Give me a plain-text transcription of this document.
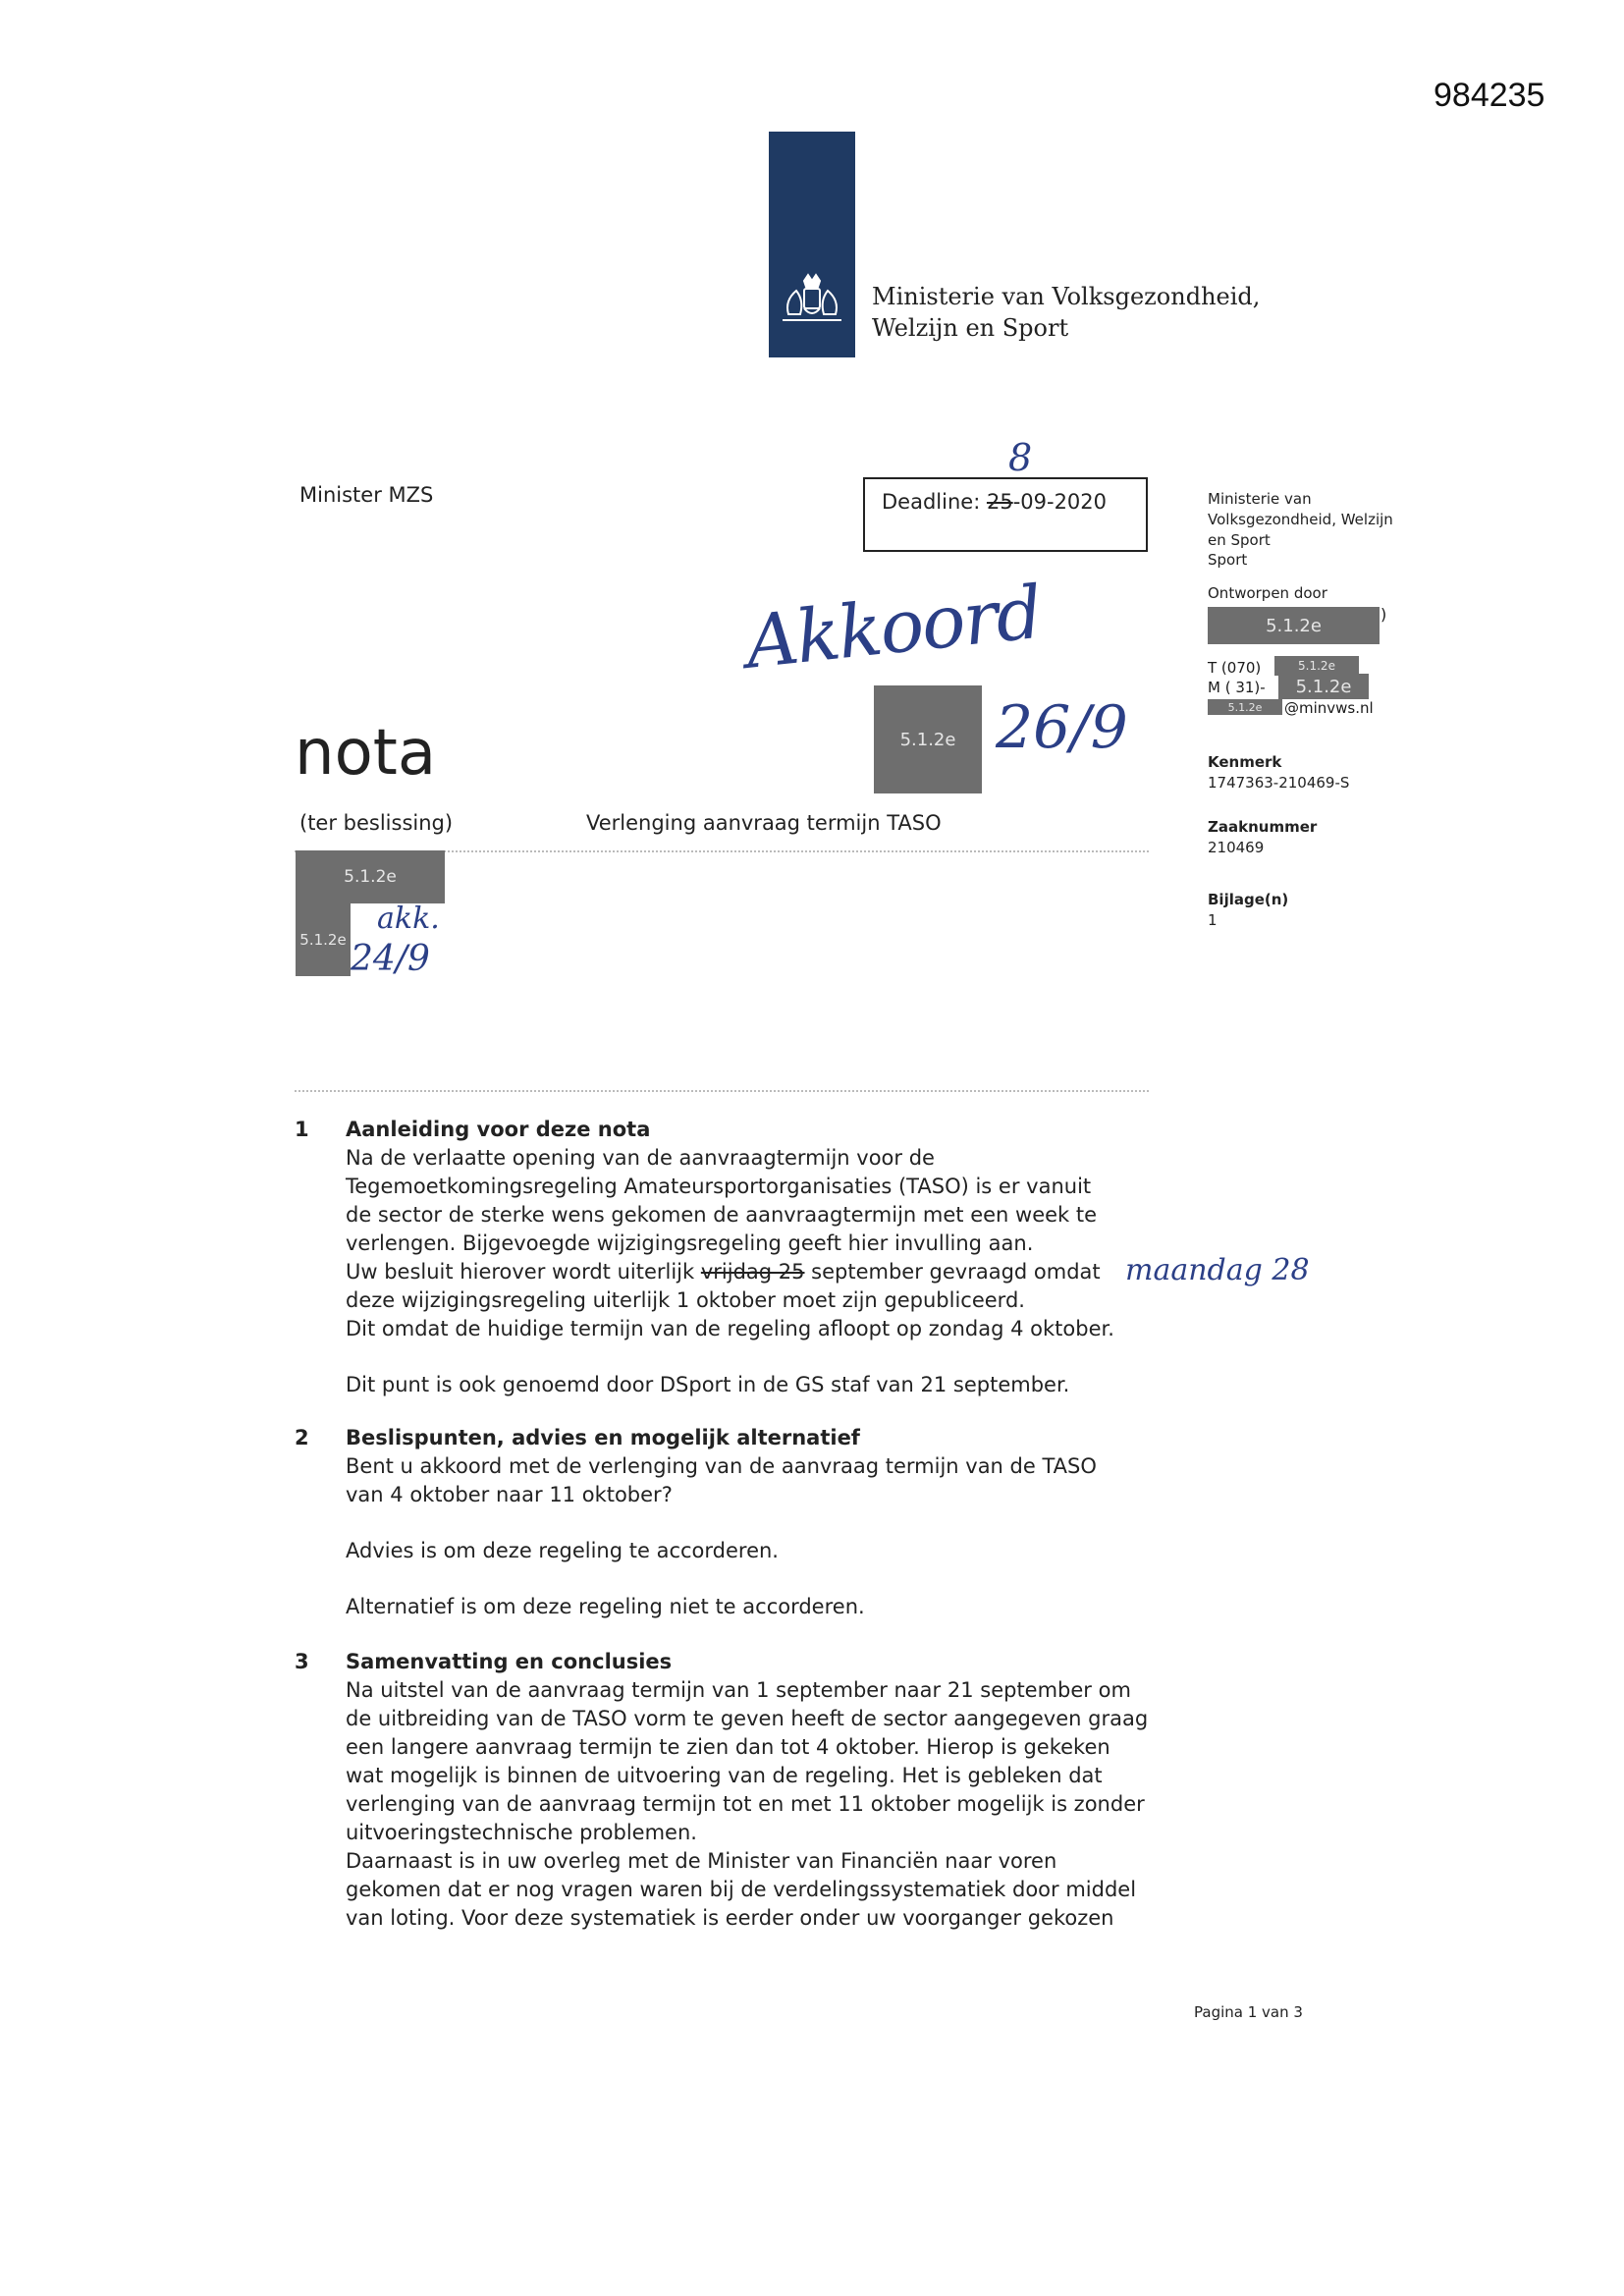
984235
Ministerie van Volksgezondheid,
Welzijn en Sport
Minister MZS	Deadline: 25-09-2020
8
Akkoord
5.1.2e 26/9
nota
(ter beslissing)	Verlenging aanvraag termijn TASO
5.1.2e
5.1.2e
akk.
24/9
Ministerie van
Volksgezondheid, Welzijn
en Sport
Sport
Ontworpen door
5.1.2e
)
T (070)
M ( 31)-
5.1.2e
5.1.2e
5.1.2e	@minvws.nl
Kenmerk
1747363-210469-S
Zaaknummer
210469
Bijlage(n)
1
1 Aanleiding voor deze nota

Na de verlaatte opening van de aanvraagtermijn voor de

Tegemoetkomingsregeling Amateursportorganisaties (TASO) is er vanuit

de sector de sterke wens gekomen de aanvraagtermijn met een week te

verlengen. Bijgevoegde wijzigingsregeling geeft hier invulling aan.

Uw besluit hierover wordt uiterlijk vrijdag 25 september gevraagd omdat

deze wijzigingsregeling uiterlijk 1 oktober moet zijn gepubliceerd.

Dit omdat de huidige termijn van de regeling afloopt op zondag 4 oktober.

Dit punt is ook genoemd door DSport in de GS staf van 21 september.

maandag 28
2 Beslispunten, advies en mogelijk alternatief

Bent u akkoord met de verlenging van de aanvraag termijn van de TASO

van 4 oktober naar 11 oktober?

Advies is om deze regeling te accorderen.

Alternatief is om deze regeling niet te accorderen.

3 Samenvatting en conclusies

Na uitstel van de aanvraag termijn van 1 september naar 21 september om

de uitbreiding van de TASO vorm te geven heeft de sector aangegeven graag

een langere aanvraag termijn te zien dan tot 4 oktober. Hierop is gekeken

wat mogelijk is binnen de uitvoering van de regeling. Het is gebleken dat

verlenging van de aanvraag termijn tot en met 11 oktober mogelijk is zonder

uitvoeringstechnische problemen.

Daarnaast is in uw overleg met de Minister van Financiën naar voren

gekomen dat er nog vragen waren bij de verdelingssystematiek door middel

van loting. Voor deze systematiek is eerder onder uw voorganger gekozen

Pagina 1 van 3
